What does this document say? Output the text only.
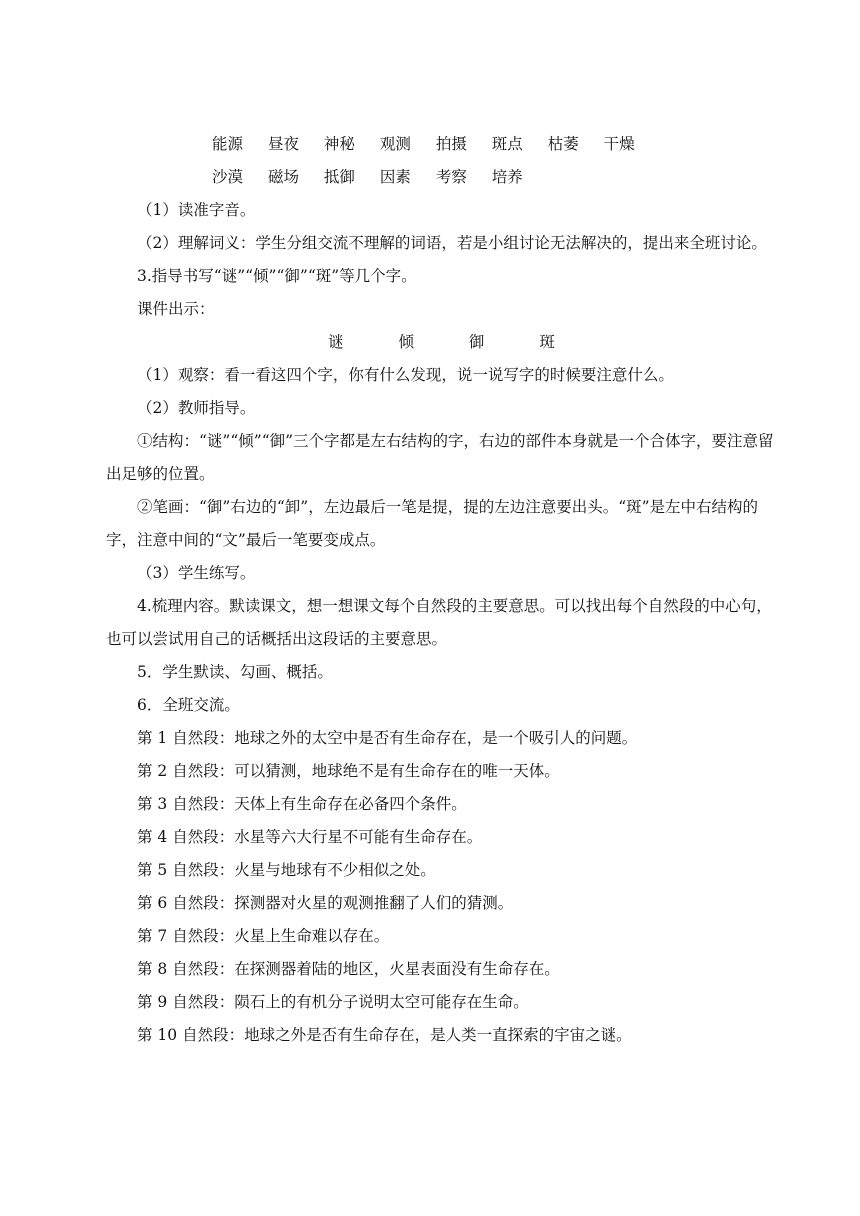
能源 昼夜 神秘 观测 拍摄 斑点 枯萎 干燥
沙漠 磁场 抵御 因素 考察 培养

（1）读准字音。

（2）理解词义：学生分组交流不理解的词语，若是小组讨论无法解决的，提出来全班讨论。

3.指导书写“谜”“倾”“御”“斑”等几个字。

课件出示：

谜	倾	御	斑

（1）观察：看一看这四个字，你有什么发现，说一说写字的时候要注意什么。

（2）教师指导。

①结构：“谜”“倾”“御”三个字都是左右结构的字，右边的部件本身就是一个合体字，要注意留出足够的位置。

②笔画：“御”右边的“卸”，左边最后一笔是提，提的左边注意要出头。“斑”是左中右结构的字，注意中间的“文”最后一笔要变成点。

（3）学生练写。

4.梳理内容。默读课文，想一想课文每个自然段的主要意思。可以找出每个自然段的中心句，也可以尝试用自己的话概括出这段话的主要意思。

5．学生默读、勾画、概括。

6．全班交流。

第 1 自然段：地球之外的太空中是否有生命存在，是一个吸引人的问题。

第 2 自然段：可以猜测，地球绝不是有生命存在的唯一天体。

第 3 自然段：天体上有生命存在必备四个条件。

第 4 自然段：水星等六大行星不可能有生命存在。

第 5 自然段：火星与地球有不少相似之处。

第 6 自然段：探测器对火星的观测推翻了人们的猜测。

第 7 自然段：火星上生命难以存在。

第 8 自然段：在探测器着陆的地区，火星表面没有生命存在。

第 9 自然段：陨石上的有机分子说明太空可能存在生命。

第 10 自然段：地球之外是否有生命存在，是人类一直探索的宇宙之谜。
